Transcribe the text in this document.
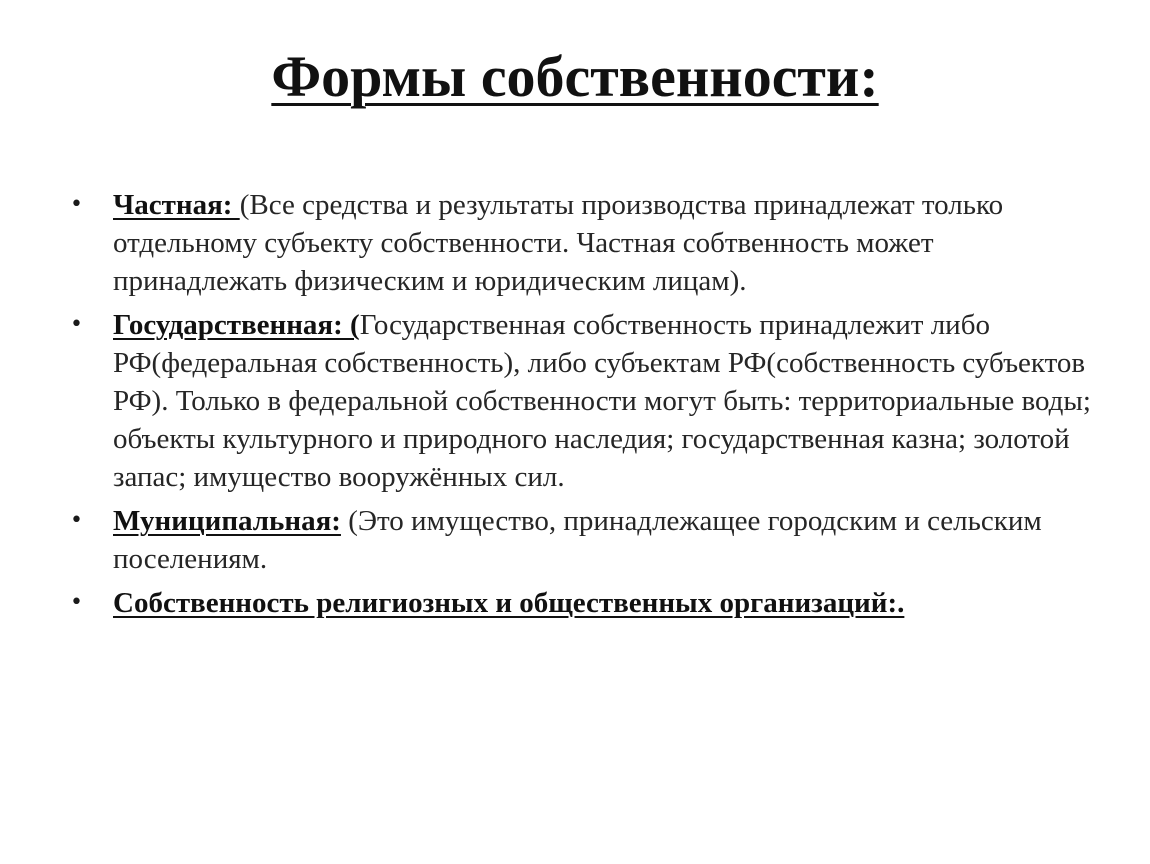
Формы собственности:
• Частная: (Все средства и результаты производства принадлежат только отдельному субъекту собственности. Частная собтвенность может принадлежать физическим и юридическим лицам).
• Государственная: (Государственная собственность принадлежит либо РФ(федеральная собственность), либо субъектам РФ(собственность субъектов РФ). Только в федеральной собственности могут быть: территориальные воды; объекты культурного и природного наследия; государственная казна; золотой запас; имущество вооружённых сил.
• Муниципальная: (Это имущество, принадлежащее городским и сельским поселениям.
• Собственность религиозных и общественных организаций:.
